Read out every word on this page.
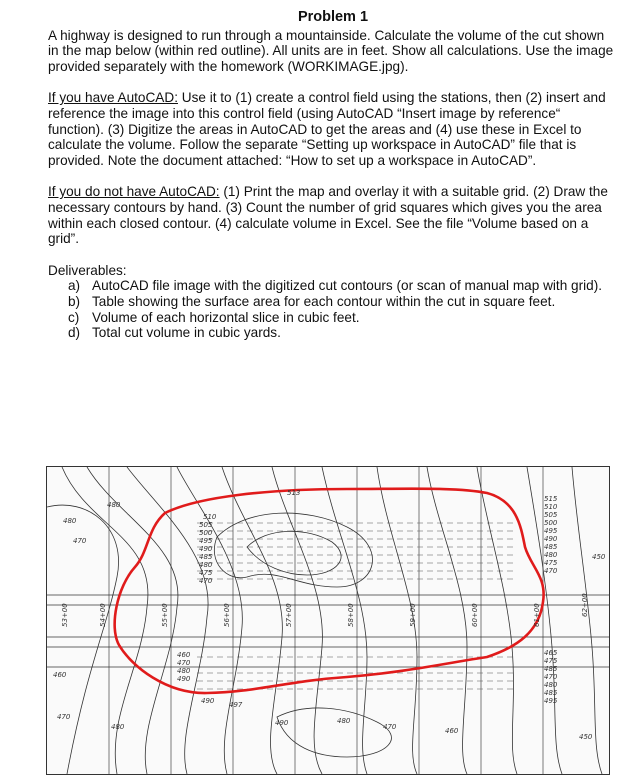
Problem 1

A highway is designed to run through a mountainside. Calculate the volume of the cut shown in the map below (within red outline). All units are in feet. Show all calculations. Use the image provided separately with the homework (WORKIMAGE.jpg).

If you have AutoCAD: Use it to (1) create a control field using the stations, then (2) insert and reference the image into this control field (using AutoCAD “Insert image by reference“ function). (3) Digitize the areas in AutoCAD to get the areas and (4) use these in Excel to calculate the volume. Follow the separate “Setting up workspace in AutoCAD” file that is provided. Note the document attached: “How to set up a workspace in AutoCAD”.

If you do not have AutoCAD: (1) Print the map and overlay it with a suitable grid. (2) Draw the necessary contours by hand. (3) Count the number of grid squares which gives you the area within each closed contour. (4) calculate volume in Excel. See the file “Volume based on a grid”.

Deliverables:

a) AutoCAD file image with the digitized cut contours (or scan of manual map with grid).
b) Table showing the surface area for each contour within the cut in square feet.
c) Volume of each horizontal slice in cubic feet.
d) Total cut volume in cubic yards.
480
470
510
505
500
495
490
485
480
475
470
515
510
505
500
495
490
485
480
475
470
480
460
470
480
490 497
490	480
470	460
450
460
470
480
490
495
485
480
470
465
475
485
450
54+00	55+00	56+00	57+00	58+00	59+00	60+00	61+00	62+00
53+00
513
